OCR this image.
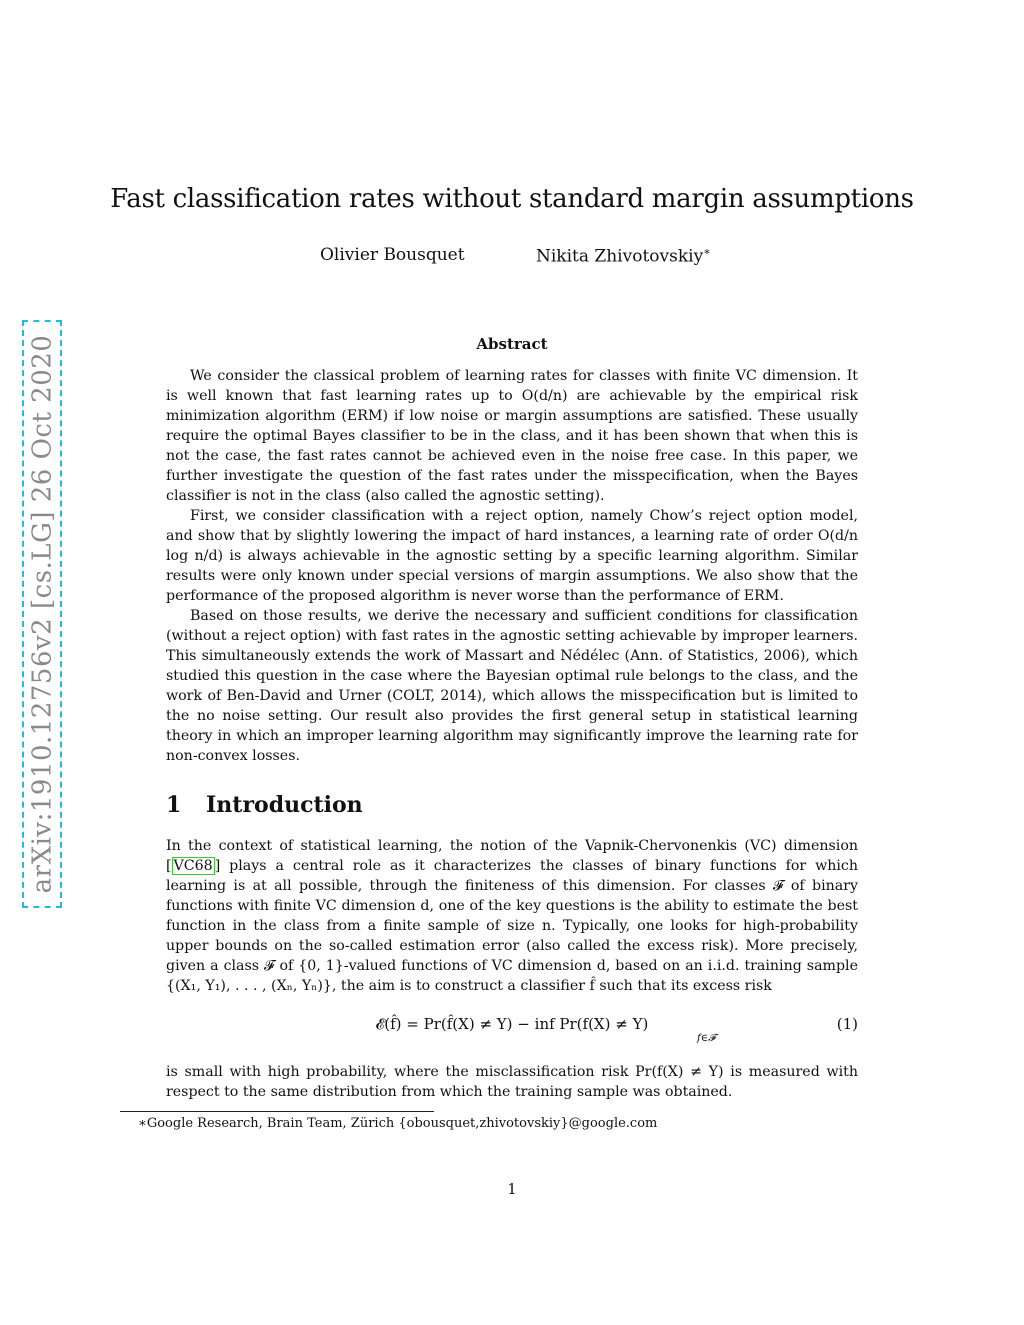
arXiv:1910.12756v2 [cs.LG] 26 Oct 2020
Fast classification rates without standard margin assumptions
Olivier Bousquet	Nikita Zhivotovskiy∗
Abstract

We consider the classical problem of learning rates for classes with finite VC dimension. It is well known that fast learning rates up to O(d/n) are achievable by the empirical risk minimization algorithm (ERM) if low noise or margin assumptions are satisfied. These usually require the optimal Bayes classifier to be in the class, and it has been shown that when this is not the case, the fast rates cannot be achieved even in the noise free case. In this paper, we further investigate the question of the fast rates under the misspecification, when the Bayes classifier is not in the class (also called the agnostic setting).

First, we consider classification with a reject option, namely Chow’s reject option model, and show that by slightly lowering the impact of hard instances, a learning rate of order O(d/n log n/d) is always achievable in the agnostic setting by a specific learning algorithm. Similar results were only known under special versions of margin assumptions. We also show that the performance of the proposed algorithm is never worse than the performance of ERM.

Based on those results, we derive the necessary and sufficient conditions for classification (without a reject option) with fast rates in the agnostic setting achievable by improper learners. This simultaneously extends the work of Massart and Nédélec (Ann. of Statistics, 2006), which studied this question in the case where the Bayesian optimal rule belongs to the class, and the work of Ben-David and Urner (COLT, 2014), which allows the misspecification but is limited to the no noise setting. Our result also provides the first general setup in statistical learning theory in which an improper learning algorithm may significantly improve the learning rate for non-convex losses.

1 Introduction

In the context of statistical learning, the notion of the Vapnik-Chervonenkis (VC) dimension [ VC68 ] plays a central role as it characterizes the classes of binary functions for which learning is at all possible, through the finiteness of this dimension. For classes 𝓕 of binary functions with finite VC dimension d, one of the key questions is the ability to estimate the best function in the class from a finite sample of size n. Typically, one looks for high-probability upper bounds on the so-called estimation error (also called the excess risk). More precisely, given a class 𝓕 of {0, 1}-valued functions of VC dimension d, based on an i.i.d. training sample {(X₁, Y₁), . . . , (Xₙ, Yₙ)}, the aim is to construct a classifier f̂ such that its excess risk

𝓔(f̂) = Pr(f̂(X) ≠ Y) − inf Pr(f(X) ≠ Y)
f∈𝓕
(1)

is small with high probability, where the misclassification risk Pr(f(X) ≠ Y) is measured with respect to the same distribution from which the training sample was obtained.

∗Google Research, Brain Team, Zürich {obousquet,zhivotovskiy}@google.com
1
